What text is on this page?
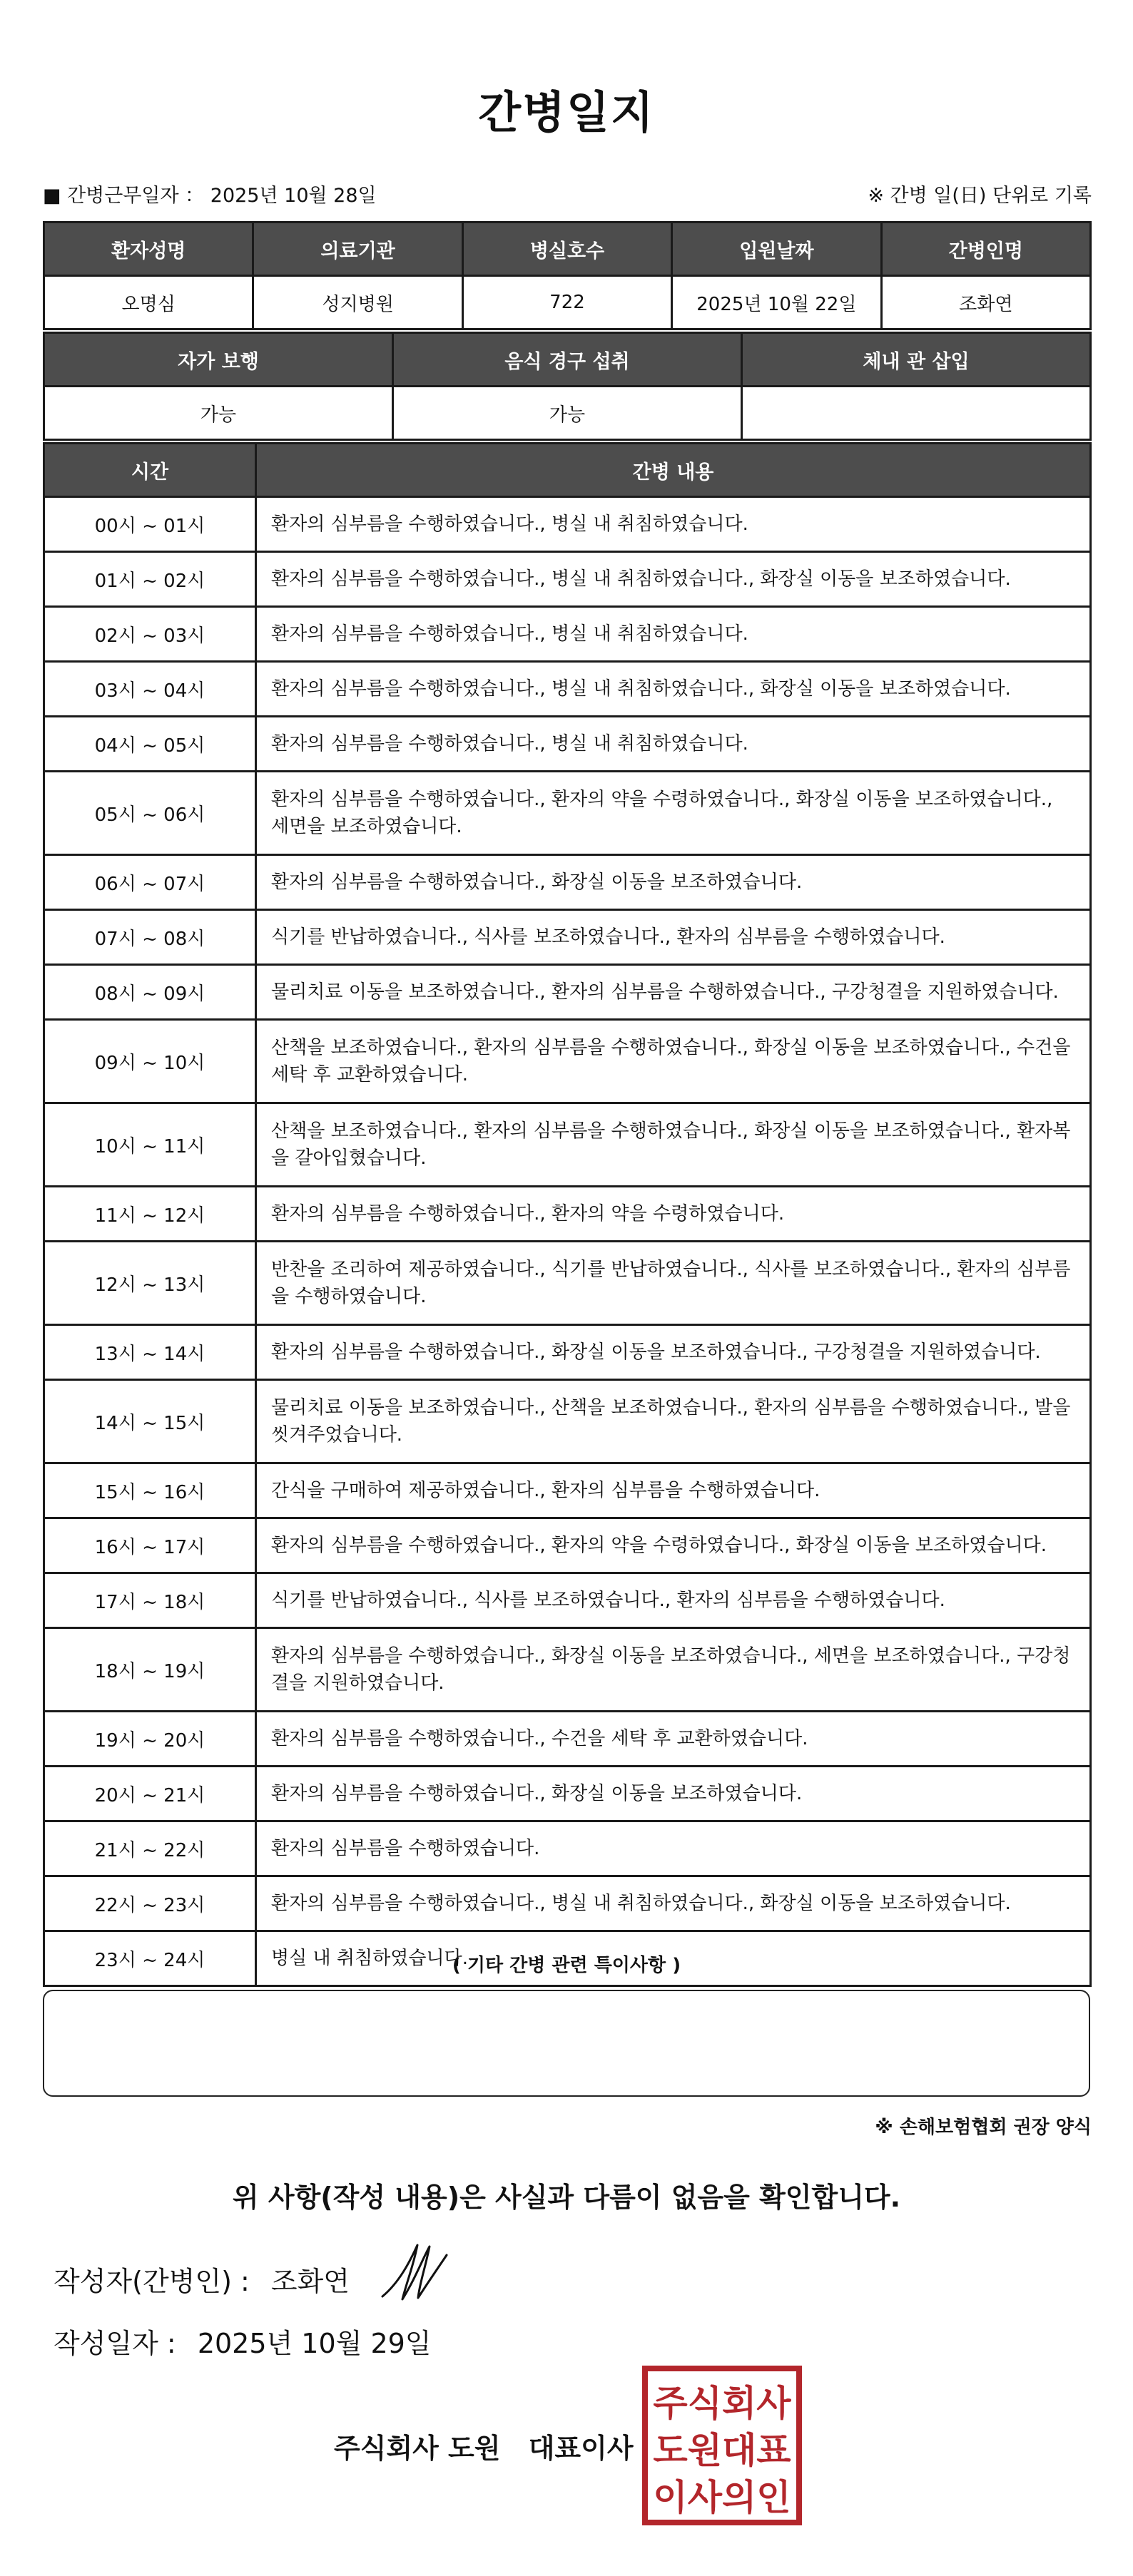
간병일지
■ 간병근무일자 ： 2025년 10월 28일	※ 간병 일(日) 단위로 기록
환자성명	의료기관	병실호수	입원날짜	간병인명
오명심	성지병원	722	2025년 10월 22일	조화연
자가 보행	음식 경구 섭취	체내 관 삽입
가능	가능	
시간	간병 내용
00시 ~ 01시	환자의 심부름을 수행하였습니다., 병실 내 취침하였습니다.
01시 ~ 02시	환자의 심부름을 수행하였습니다., 병실 내 취침하였습니다., 화장실 이동을 보조하였습니다.
02시 ~ 03시	환자의 심부름을 수행하였습니다., 병실 내 취침하였습니다.
03시 ~ 04시	환자의 심부름을 수행하였습니다., 병실 내 취침하였습니다., 화장실 이동을 보조하였습니다.
04시 ~ 05시	환자의 심부름을 수행하였습니다., 병실 내 취침하였습니다.
05시 ~ 06시	환자의 심부름을 수행하였습니다., 환자의 약을 수령하였습니다., 화장실 이동을 보조하였습니다., 세면을 보조하였습니다.
06시 ~ 07시	환자의 심부름을 수행하였습니다., 화장실 이동을 보조하였습니다.
07시 ~ 08시	식기를 반납하였습니다., 식사를 보조하였습니다., 환자의 심부름을 수행하였습니다.
08시 ~ 09시	물리치료 이동을 보조하였습니다., 환자의 심부름을 수행하였습니다., 구강청결을 지원하였습니다.
09시 ~ 10시	산책을 보조하였습니다., 환자의 심부름을 수행하였습니다., 화장실 이동을 보조하였습니다., 수건을 세탁 후 교환하였습니다.
10시 ~ 11시	산책을 보조하였습니다., 환자의 심부름을 수행하였습니다., 화장실 이동을 보조하였습니다., 환자복을 갈아입혔습니다.
11시 ~ 12시	환자의 심부름을 수행하였습니다., 환자의 약을 수령하였습니다.
12시 ~ 13시	반찬을 조리하여 제공하였습니다., 식기를 반납하였습니다., 식사를 보조하였습니다., 환자의 심부름을 수행하였습니다.
13시 ~ 14시	환자의 심부름을 수행하였습니다., 화장실 이동을 보조하였습니다., 구강청결을 지원하였습니다.
14시 ~ 15시	물리치료 이동을 보조하였습니다., 산책을 보조하였습니다., 환자의 심부름을 수행하였습니다., 발을 씻겨주었습니다.
15시 ~ 16시	간식을 구매하여 제공하였습니다., 환자의 심부름을 수행하였습니다.
16시 ~ 17시	환자의 심부름을 수행하였습니다., 환자의 약을 수령하였습니다., 화장실 이동을 보조하였습니다.
17시 ~ 18시	식기를 반납하였습니다., 식사를 보조하였습니다., 환자의 심부름을 수행하였습니다.
18시 ~ 19시	환자의 심부름을 수행하였습니다., 화장실 이동을 보조하였습니다., 세면을 보조하였습니다., 구강청결을 지원하였습니다.
19시 ~ 20시	환자의 심부름을 수행하였습니다., 수건을 세탁 후 교환하였습니다.
20시 ~ 21시	환자의 심부름을 수행하였습니다., 화장실 이동을 보조하였습니다.
21시 ~ 22시	환자의 심부름을 수행하였습니다.
22시 ~ 23시	환자의 심부름을 수행하였습니다., 병실 내 취침하였습니다., 화장실 이동을 보조하였습니다.
23시 ~ 24시	병실 내 취침하였습니다.
( 기타 간병 관련 특이사항 )
※ 손해보험협회 권장 양식
위 사항(작성 내용)은 사실과 다름이 없음을 확인합니다.
작성자(간병인) : 조화연
작성일자 : 2025년 10월 29일
주식회사 도원 대표이사
주식회사
도원대표
이사의인
